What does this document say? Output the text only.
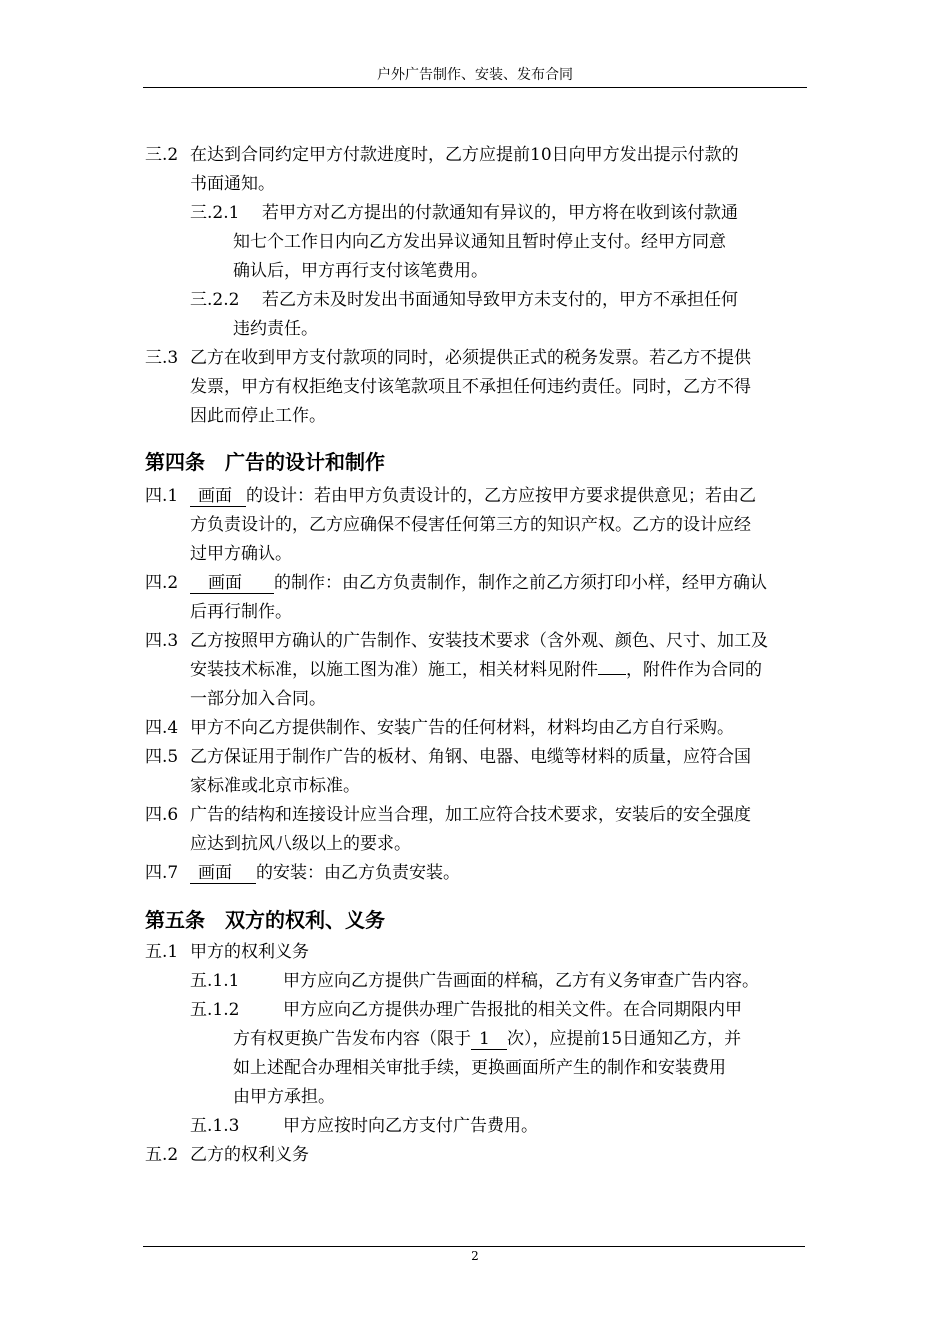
户外广告制作、安装、发布合同
三.2 在达到合同约定甲方付款进度时，乙方应提前10日向甲方发出提示付款的
书面通知。
三.2.1 若甲方对乙方提出的付款通知有异议的，甲方将在收到该付款通
知七个工作日内向乙方发出异议通知且暂时停止支付。经甲方同意
确认后，甲方再行支付该笔费用。
三.2.2 若乙方未及时发出书面通知导致甲方未支付的，甲方不承担任何
违约责任。
三.3 乙方在收到甲方支付款项的同时，必须提供正式的税务发票。若乙方不提供
发票，甲方有权拒绝支付该笔款项且不承担任何违约责任。同时，乙方不得
因此而停止工作。
第四条 广告的设计和制作
四.1	画面 的设计：若由甲方负责设计的，乙方应按甲方要求提供意见；若由乙
方负责设计的，乙方应确保不侵害任何第三方的知识产权。乙方的设计应经
过甲方确认。
四.2	画面 的制作：由乙方负责制作，制作之前乙方须打印小样，经甲方确认
后再行制作。
四.3 乙方按照甲方确认的广告制作、安装技术要求（含外观、颜色、尺寸、加工及
安装技术标准，以施工图为准）施工，相关材料见附件 ，附件作为合同的
一部分加入合同。
四.4 甲方不向乙方提供制作、安装广告的任何材料，材料均由乙方自行采购。
四.5 乙方保证用于制作广告的板材、角钢、电器、电缆等材料的质量，应符合国
家标准或北京市标准。
四.6 广告的结构和连接设计应当合理，加工应符合技术要求，安装后的安全强度
应达到抗风八级以上的要求。
四.7	画面 的安装：由乙方负责安装。
第五条 双方的权利、义务
五.1 甲方的权利义务
五.1.1	甲方应向乙方提供广告画面的样稿，乙方有义务审查广告内容。
五.1.2	甲方应向乙方提供办理广告报批的相关文件。在合同期限内甲
方有权更换广告发布内容（限于 1 次），应提前15日通知乙方，并
如上述配合办理相关审批手续，更换画面所产生的制作和安装费用
由甲方承担。
五.1.3	甲方应按时向乙方支付广告费用。
五.2 乙方的权利义务
2
